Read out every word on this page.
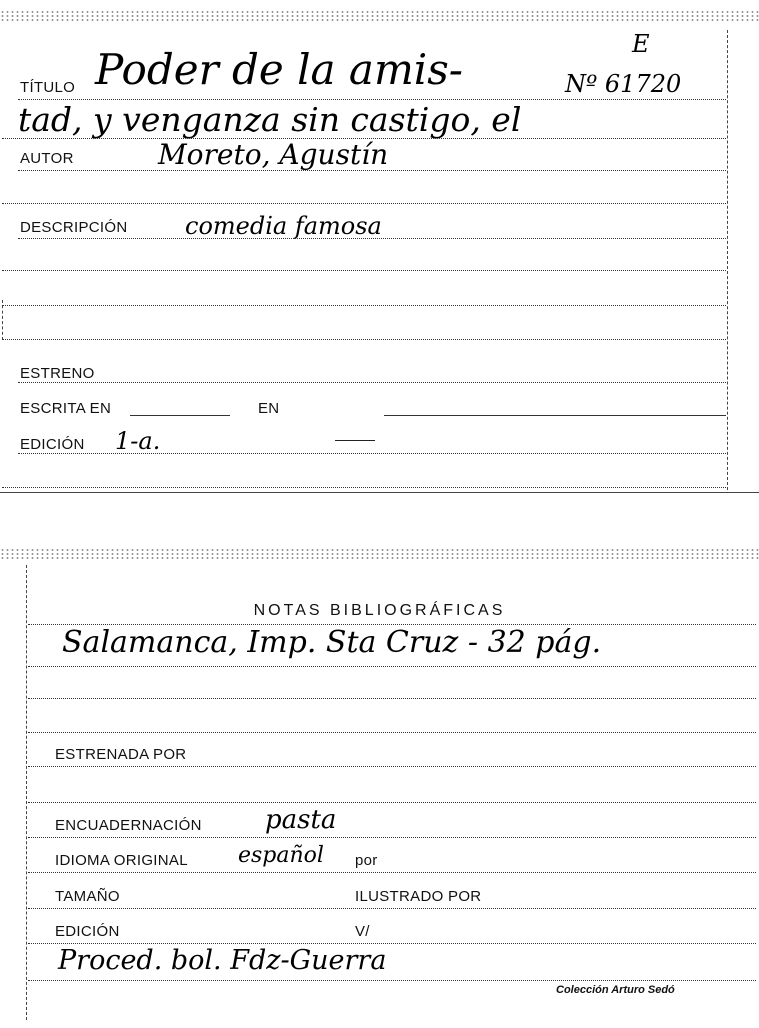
E
TÍTULO Poder de la amis-	Nº 61720
tad, y venganza sin castigo, el
AUTOR	Moreto, Agustín
DESCRIPCIÓN comedia famosa
ESTRENO
ESCRITA EN	EN
EDICIÓN 1-a.
NOTAS BIBLIOGRÁFICAS
Salamanca, Imp. Sta Cruz - 32 pág.
ESTRENADA POR
ENCUADERNACIÓN pasta
IDIOMA ORIGINAL español por
TAMAÑO	ILUSTRADO POR
EDICIÓN	V/
Proced. bol. Fdz-Guerra
Colección Arturo Sedó
